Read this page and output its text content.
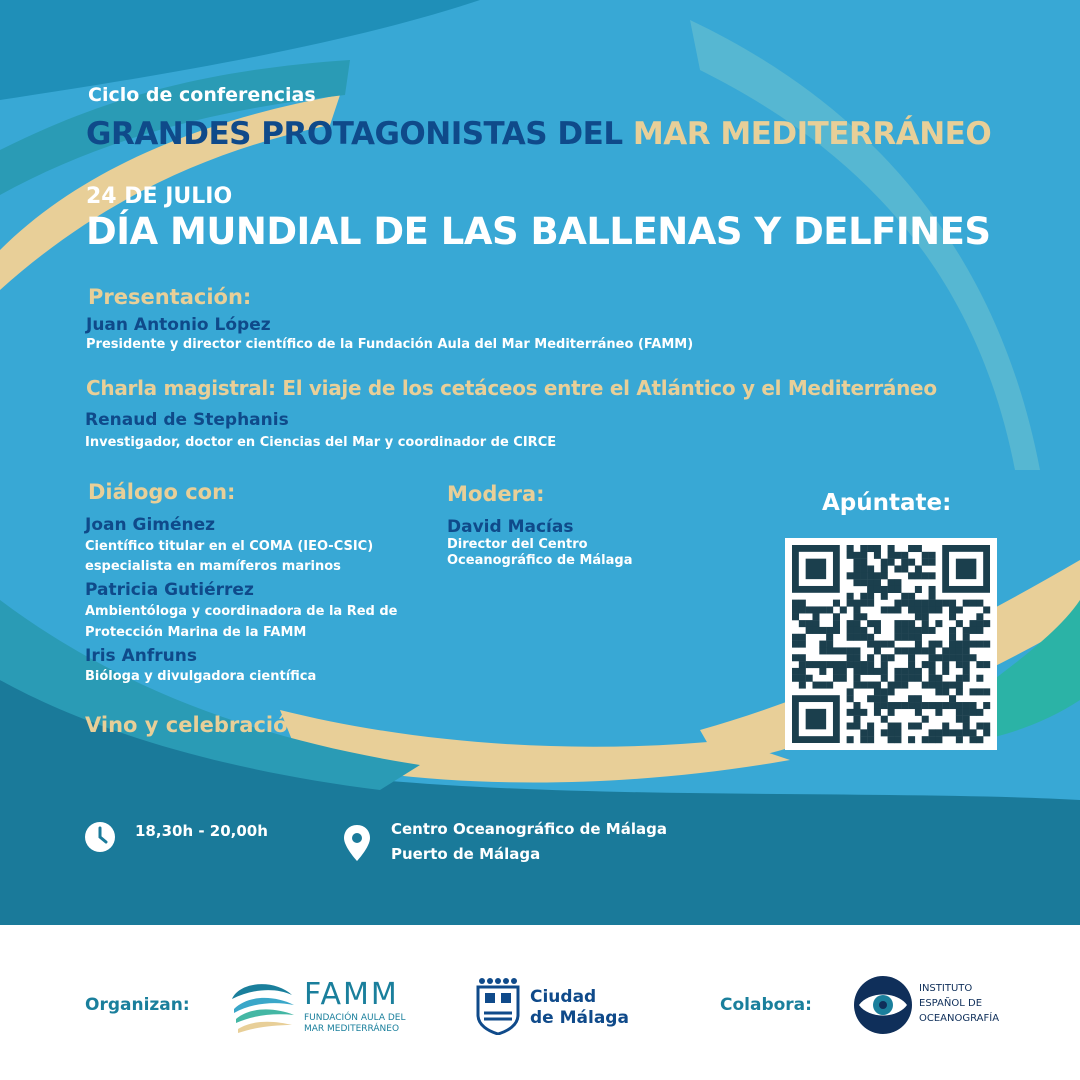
Ciclo de conferencias

GRANDES PROTAGONISTAS DEL MAR MEDITERRÁNEO

24 DE JULIO

DÍA MUNDIAL DE LAS BALLENAS Y DELFINES

Presentación:

Juan Antonio López

Presidente y director científico de la Fundación Aula del Mar Mediterráneo (FAMM)

Charla magistral: El viaje de los cetáceos entre el Atlántico y el Mediterráneo

Renaud de Stephanis

Investigador, doctor en Ciencias del Mar y coordinador de CIRCE

Diálogo con:

Joan Giménez

Científico titular en el COMA (IEO-CSIC)

especialista en mamíferos marinos

Patricia Gutiérrez

Ambientóloga y coordinadora de la Red de

Protección Marina de la FAMM

Iris Anfruns

Bióloga y divulgadora científica

Modera:

David Macías

Director del Centro

Oceanográfico de Málaga

Apúntate:

Vino y celebración

18,30h - 20,00h	Centro Oceanográfico de Málaga

Puerto de Málaga

Organizan:	FAMM

FUNDACIÓN AULA DEL

MAR MEDITERRÁNEO

Ciudad

de Málaga

Colabora:

INSTITUTO

ESPAÑOL DE

OCEANOGRAFÍA
